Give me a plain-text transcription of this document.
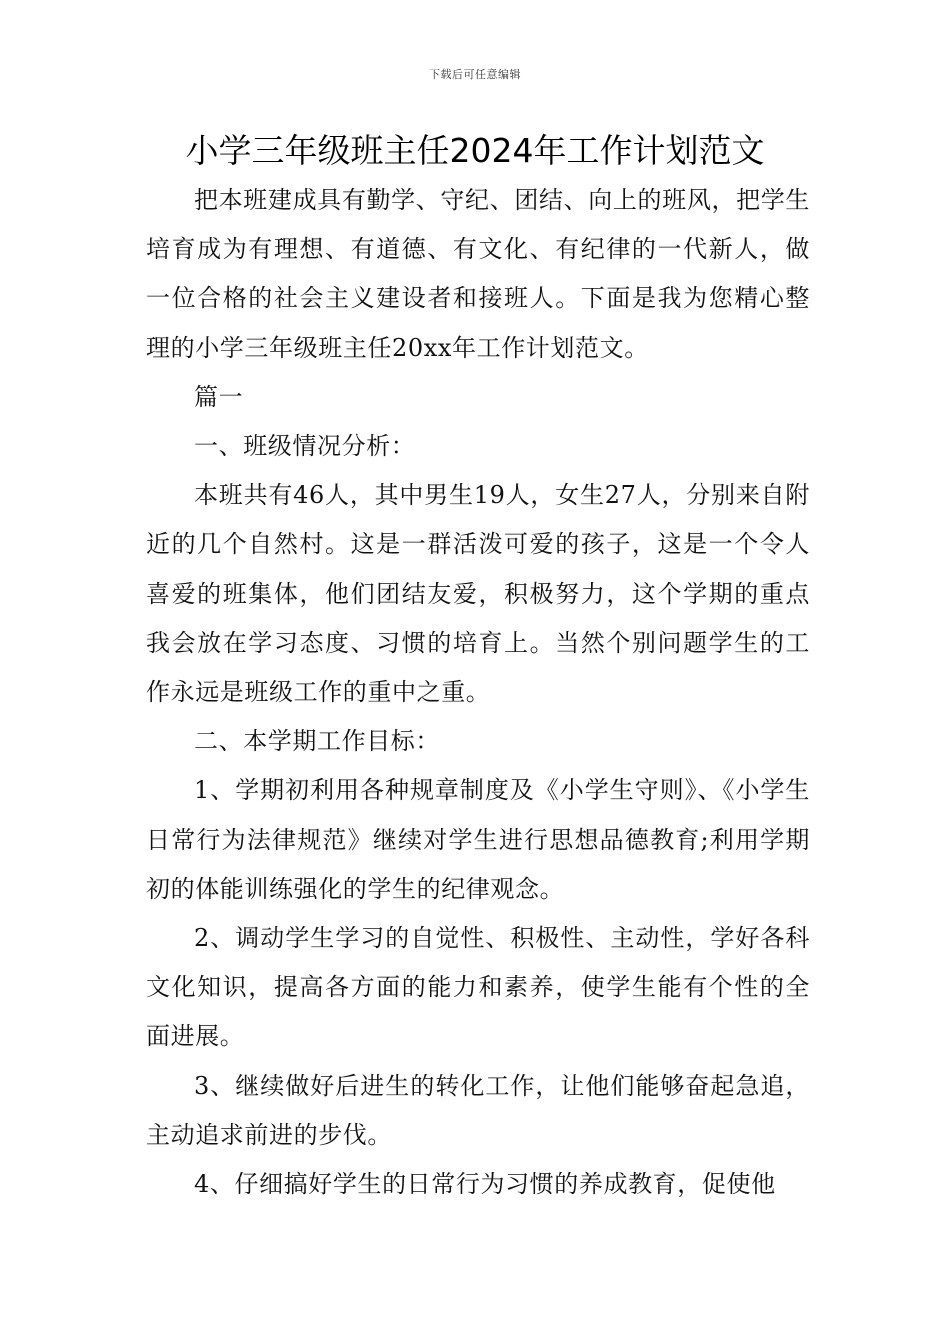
下载后可任意编辑
小学三年级班主任2024年工作计划范文

把本班建成具有勤学、守纪、团结、向上的班风，把学生培育成为有理想、有道德、有文化、有纪律的一代新人，做一位合格的社会主义建设者和接班人。下面是我为您精心整理的小学三年级班主任20xx年工作计划范文。

篇一

一、班级情况分析：

本班共有46人，其中男生19人，女生27人，分别来自附近的几个自然村。这是一群活泼可爱的孩子，这是一个令人喜爱的班集体，他们团结友爱，积极努力，这个学期的重点我会放在学习态度、习惯的培育上。当然个别问题学生的工作永远是班级工作的重中之重。

二、本学期工作目标：

1、学期初利用各种规章制度及《小学生守则》、《小学生日常行为法律规范》继续对学生进行思想品德教育;利用学期初的体能训练强化的学生的纪律观念。

2、调动学生学习的自觉性、积极性、主动性，学好各科文化知识，提高各方面的能力和素养，使学生能有个性的全面进展。

3、继续做好后进生的转化工作，让他们能够奋起急追，主动追求前进的步伐。

4、仔细搞好学生的日常行为习惯的养成教育，促使他
